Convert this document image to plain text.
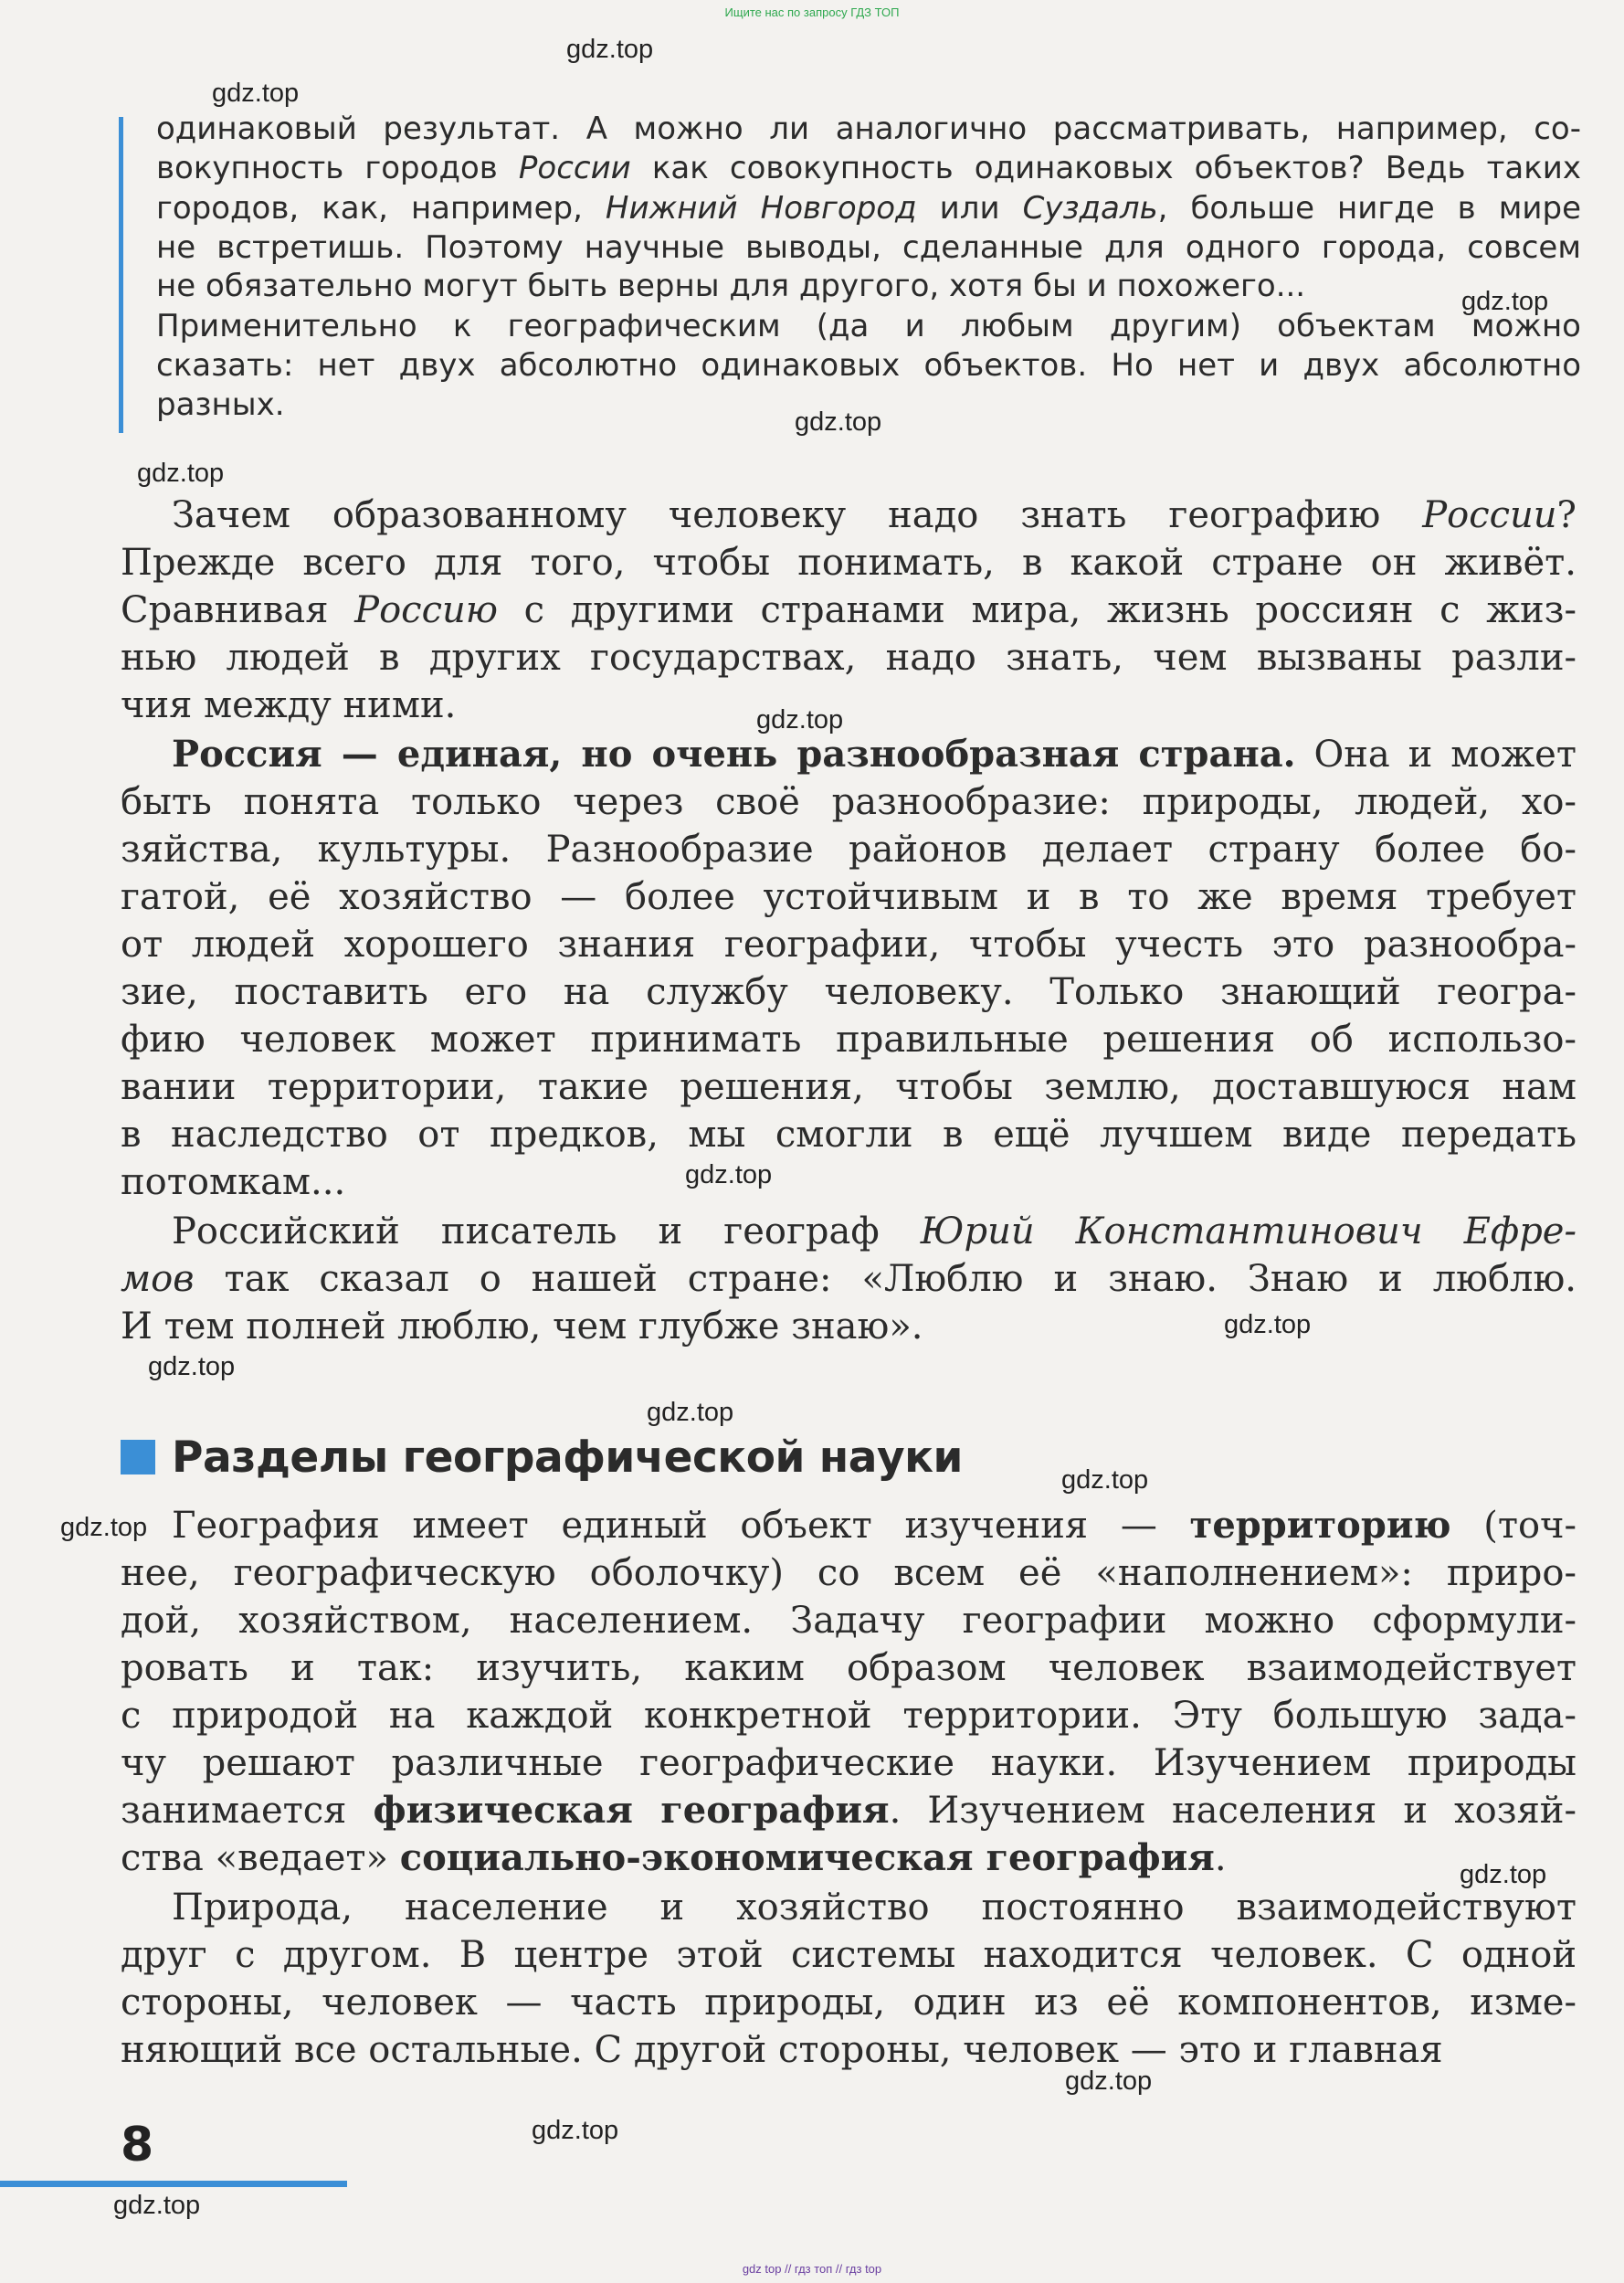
Ищите нас по запросу ГДЗ ТОП
одинаковый результат. А можно ли аналогично рассматривать, например, со-
вокупность городов России как совокупность одинаковых объектов? Ведь таких
городов, как, например, Нижний Новгород или Суздаль, больше нигде в мире
не встретишь. Поэтому научные выводы, сделанные для одного города, совсем
не обязательно могут быть верны для другого, хотя бы и похожего...
Применительно к географическим (да и любым другим) объектам можно
сказать: нет двух абсолютно одинаковых объектов. Но нет и двух абсолютно
разных.
Зачем образованному человеку надо знать географию России?
Прежде всего для того, чтобы понимать, в какой стране он живёт.
Сравнивая Россию с другими странами мира, жизнь россиян с жиз-
нью людей в других государствах, надо знать, чем вызваны разли-
чия между ними.
Россия — единая, но очень разнообразная страна. Она и может
быть понята только через своё разнообразие: природы, людей, хо-
зяйства, культуры. Разнообразие районов делает страну более бо-
гатой, её хозяйство — более устойчивым и в то же время требует
от людей хорошего знания географии, чтобы учесть это разнообра-
зие, поставить его на службу человеку. Только знающий геогра-
фию человек может принимать правильные решения об использо-
вании территории, такие решения, чтобы землю, доставшуюся нам
в наследство от предков, мы смогли в ещё лучшем виде передать
потомкам...
Российский писатель и географ Юрий Константинович Ефре-
мов так сказал о нашей стране: «Люблю и знаю. Знаю и люблю.
И тем полней люблю, чем глубже знаю».
Разделы географической науки
География имеет единый объект изучения — территорию (точ-
нее, географическую оболочку) со всем её «наполнением»: приро-
дой, хозяйством, населением. Задачу географии можно сформули-
ровать и так: изучить, каким образом человек взаимодействует
с природой на каждой конкретной территории. Эту большую зада-
чу решают различные географические науки. Изучением природы
занимается физическая география. Изучением населения и хозяй-
ства «ведает» социально-экономическая география.
Природа, население и хозяйство постоянно взаимодействуют
друг с другом. В центре этой системы находится человек. С одной
стороны, человек — часть природы, один из её компонентов, изме-
няющий все остальные. С другой стороны, человек — это и главная
8
gdz.top
gdz.top
gdz.top
gdz.top
gdz.top
gdz.top
gdz.top
gdz.top
gdz.top
gdz.top
gdz.top
gdz.top
gdz.top
gdz.top
gdz.top
gdz.top
gdz top // гдз топ // гдз top
